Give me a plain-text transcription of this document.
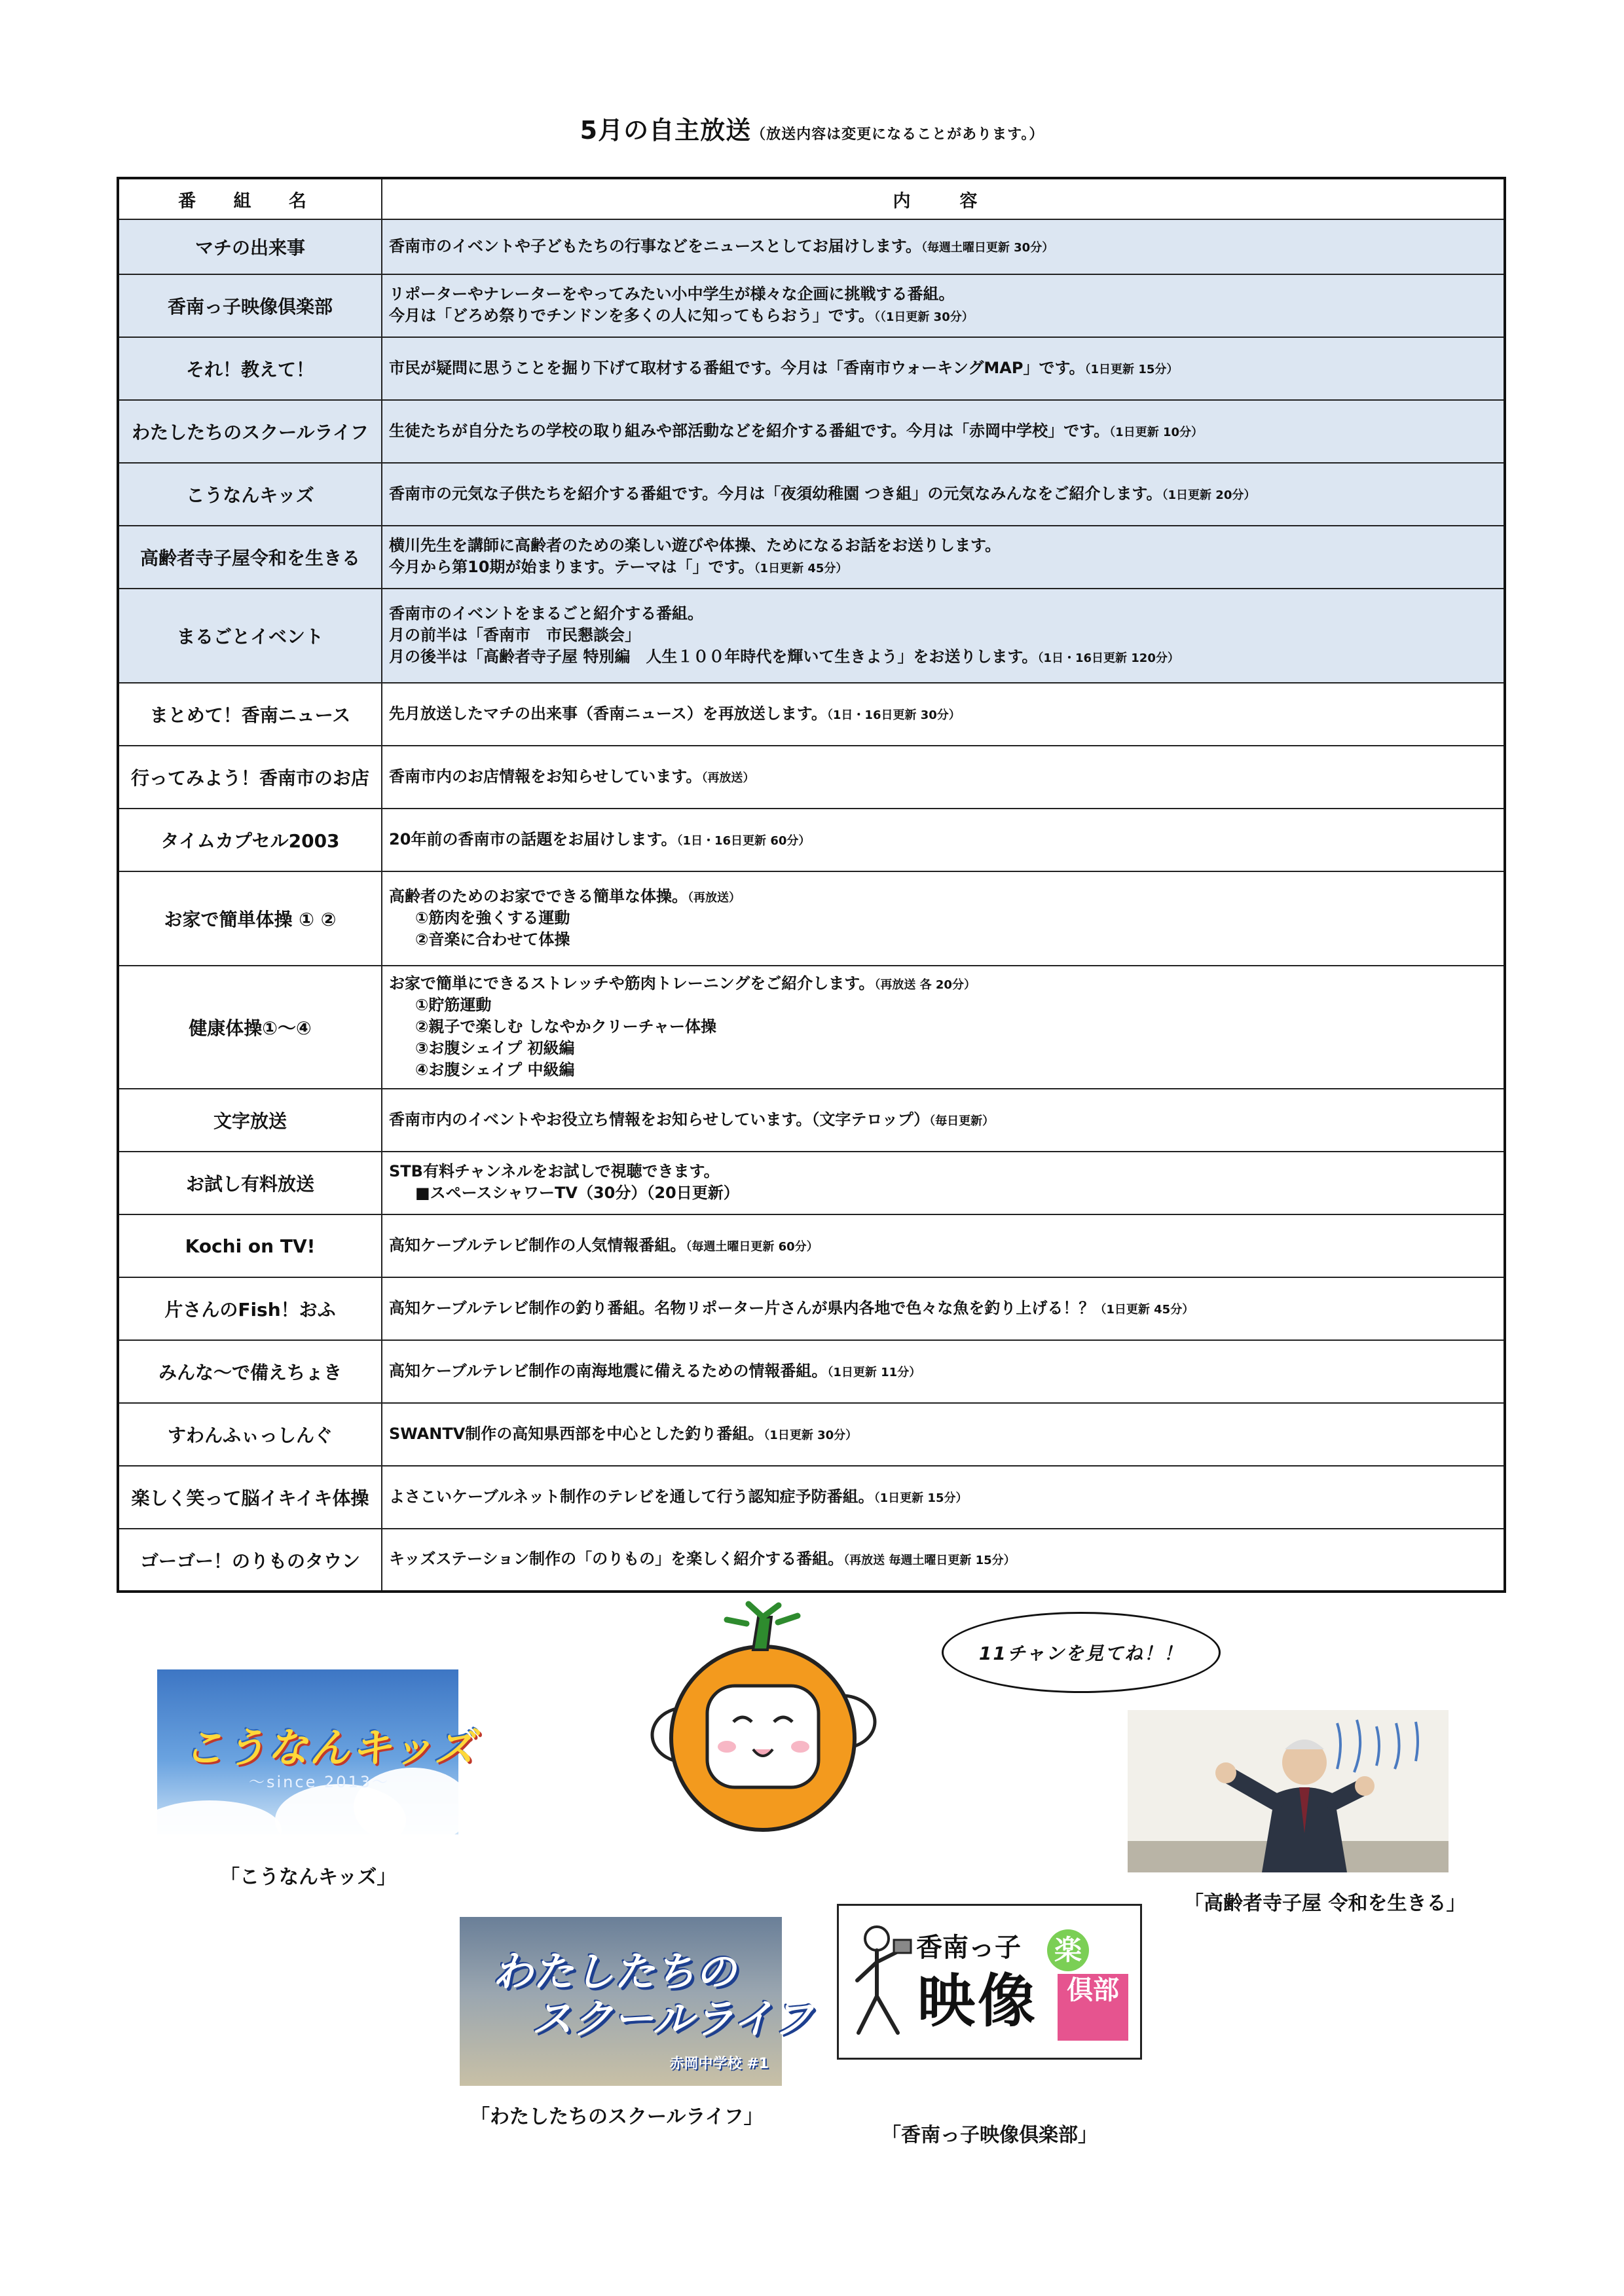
5月の自主放送（放送内容は変更になることがあります。）
番 組 名	内　容
マチの出来事	香南市のイベントや子どもたちの行事などをニュースとしてお届けします。（毎週土曜日更新 30分）

香南っ子映像倶楽部	リポーターやナレーターをやってみたい小中学生が様々な企画に挑戦する番組。
今月は「どろめ祭りでチンドンを多くの人に知ってもらおう」です。（（1日更新 30分）

それ！教えて！	市民が疑問に思うことを掘り下げて取材する番組です。今月は「香南市ウォーキングMAP」です。（1日更新 15分）

わたしたちのスクールライフ	生徒たちが自分たちの学校の取り組みや部活動などを紹介する番組です。今月は「赤岡中学校」です。（1日更新 10分）

こうなんキッズ	香南市の元気な子供たちを紹介する番組です。今月は「夜須幼稚園 つき組」の元気なみんなをご紹介します。（1日更新 20分）

高齢者寺子屋令和を生きる	横川先生を講師に高齢者のための楽しい遊びや体操、ためになるお話をお送りします。
今月から第10期が始まります。テーマは「」です。（1日更新 45分）

まるごとイベント	香南市のイベントをまるごと紹介する番組。
月の前半は「香南市　市民懇談会」
月の後半は「高齢者寺子屋 特別編　人生１００年時代を輝いて生きよう」をお送りします。（1日・16日更新 120分）

まとめて！香南ニュース	先月放送したマチの出来事（香南ニュース）を再放送します。（1日・16日更新 30分）

行ってみよう！香南市のお店	香南市内のお店情報をお知らせしています。（再放送）

タイムカプセル2003	20年前の香南市の話題をお届けします。（1日・16日更新 60分）

お家で簡単体操 ① ②	高齢者のためのお家でできる簡単な体操。（再放送）
①筋肉を強くする運動
②音楽に合わせて体操

健康体操①～④	お家で簡単にできるストレッチや筋肉トレーニングをご紹介します。（再放送 各 20分）
①貯筋運動
②親子で楽しむ しなやかクリーチャー体操
③お腹シェイプ 初級編
④お腹シェイプ 中級編

文字放送	香南市内のイベントやお役立ち情報をお知らせしています。（文字テロップ）（毎日更新）

お試し有料放送	STB有料チャンネルをお試しで視聴できます。
■スペースシャワーTV（30分）（20日更新）

Kochi on TV!	高知ケーブルテレビ制作の人気情報番組。（毎週土曜日更新 60分）

片さんのFish！おふ	高知ケーブルテレビ制作の釣り番組。名物リポーター片さんが県内各地で色々な魚を釣り上げる！？（1日更新 45分）

みんな～で備えちょき	高知ケーブルテレビ制作の南海地震に備えるための情報番組。（1日更新 11分）

すわんふぃっしんぐ	SWANTV制作の高知県西部を中心とした釣り番組。（1日更新 30分）

楽しく笑って脳イキイキ体操	よさこいケーブルネット制作のテレビを通して行う認知症予防番組。（1日更新 15分）

ゴーゴー！のりものタウン	キッズステーション制作の「のりもの」を楽しく紹介する番組。（再放送 毎週土曜日更新 15分）
11チャンを見てね！！
こうなんキッズ
～since 2013～
「こうなんキッズ」
わたしたちの
スクールライフ
赤岡中学校 #1
「わたしたちのスクールライフ」
香南っ子 楽
映像	倶部
「香南っ子映像倶楽部」
「高齢者寺子屋 令和を生きる」
